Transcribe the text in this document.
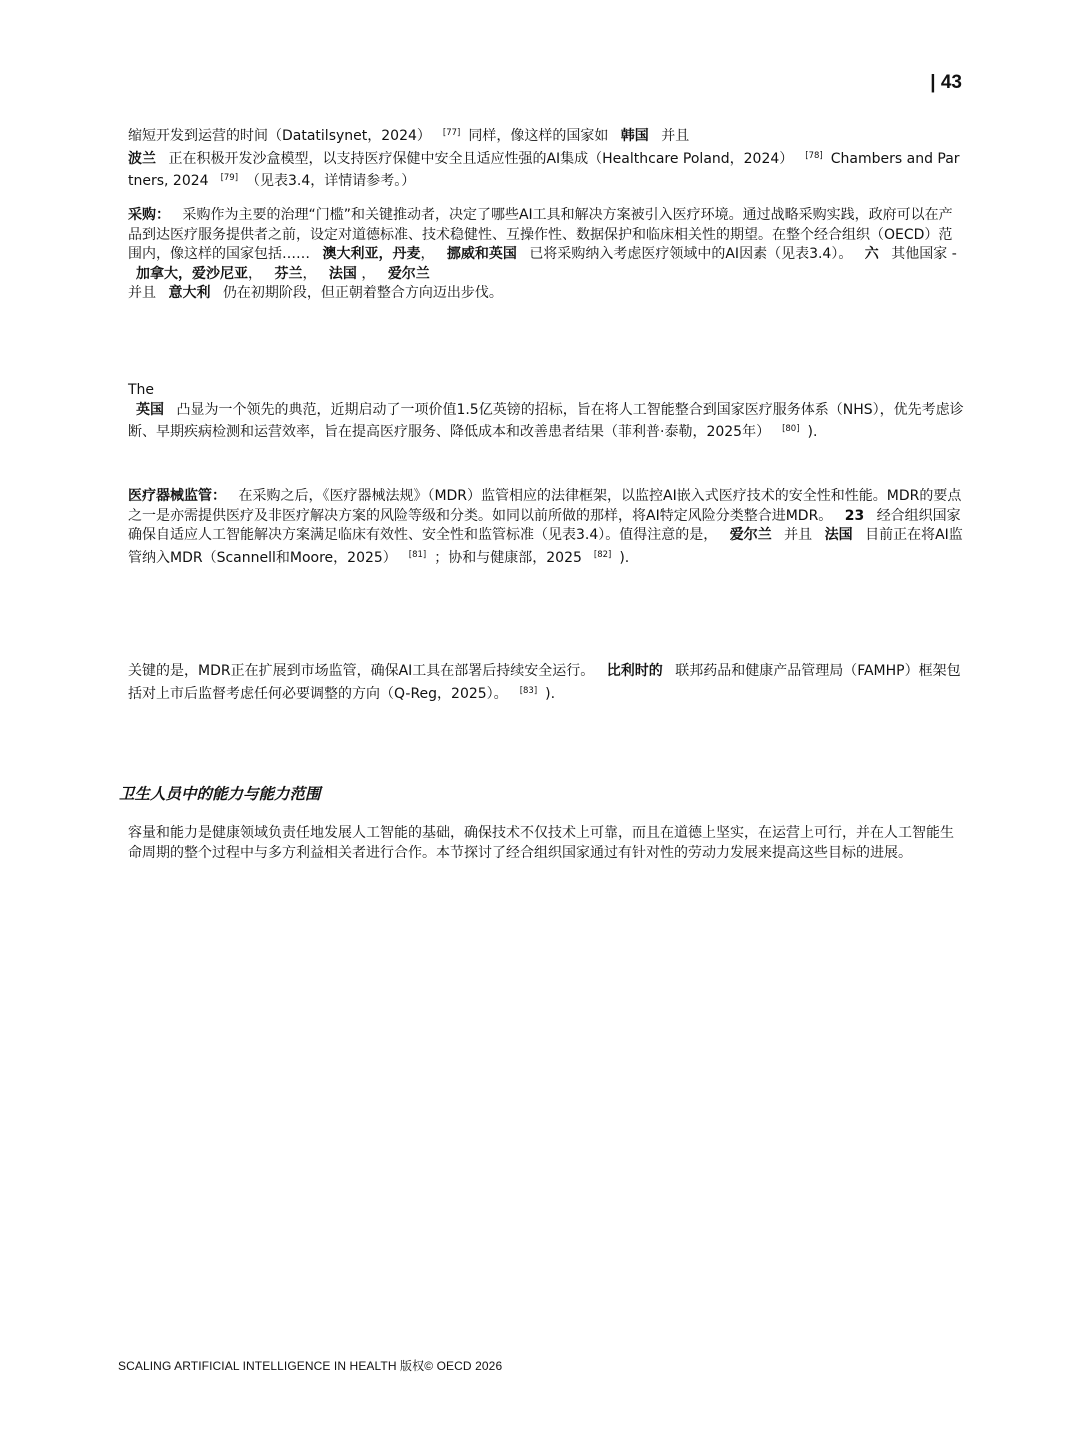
| 43

缩短开发到运营的时间（Datatilsynet，2024） [77] 同样，像这样的国家如 韩国 并且
波兰 正在积极开发沙盒模型，以支持医疗保健中安全且适应性强的AI集成（Healthcare Poland，2024） [78] Chambers and Partners, 2024 [79] （见表3.4，详情请参考。）

采购： 采购作为主要的治理“门槛”和关键推动者，决定了哪些AI工具和解决方案被引入医疗环境。通过战略采购实践，政府可以在产品到达医疗服务提供者之前，设定对道德标准、技术稳健性、互操作性、数据保护和临床相关性的期望。在整个经合组织（OECD）范围内，像这样的国家包括…… 澳大利亚，丹麦， 挪威和英国 已将采购纳入考虑医疗领域中的AI因素（见表3.4）。 六 其他国家 - 加拿大，爱沙尼亚， 芬兰， 法国 ， 爱尔兰
并且 意大利 仍在初期阶段，但正朝着整合方向迈出步伐。

The
英国 凸显为一个领先的典范，近期启动了一项价值1.5亿英镑的招标，旨在将人工智能整合到国家医疗服务体系（NHS），优先考虑诊断、早期疾病检测和运营效率，旨在提高医疗服务、降低成本和改善患者结果（菲利普·泰勒，2025年） [80] ).

医疗器械监管： 在采购之后，《医疗器械法规》（MDR）监管相应的法律框架，以监控AI嵌入式医疗技术的安全性和性能。MDR的要点之一是亦需提供医疗及非医疗解决方案的风险等级和分类。如同以前所做的那样，将AI特定风险分类整合进MDR。 23 经合组织国家确保自适应人工智能解决方案满足临床有效性、安全性和监管标准（见表3.4）。值得注意的是， 爱尔兰 并且 法国 目前正在将AI监管纳入MDR（Scannell和Moore，2025） [81] ；协和与健康部，2025 [82] ).

关键的是，MDR正在扩展到市场监管，确保AI工具在部署后持续安全运行。 比利时的 联邦药品和健康产品管理局（FAMHP）框架包括对上市后监督考虑任何必要调整的方向（Q-Reg，2025）。 [83] ).

卫生人员中的能力与能力范围

容量和能力是健康领域负责任地发展人工智能的基础，确保技术不仅技术上可靠，而且在道德上坚实，在运营上可行，并在人工智能生命周期的整个过程中与多方利益相关者进行合作。本节探讨了经合组织国家通过有针对性的劳动力发展来提高这些目标的进展。

SCALING ARTIFICIAL INTELLIGENCE IN HEALTH 版权© OECD 2026
